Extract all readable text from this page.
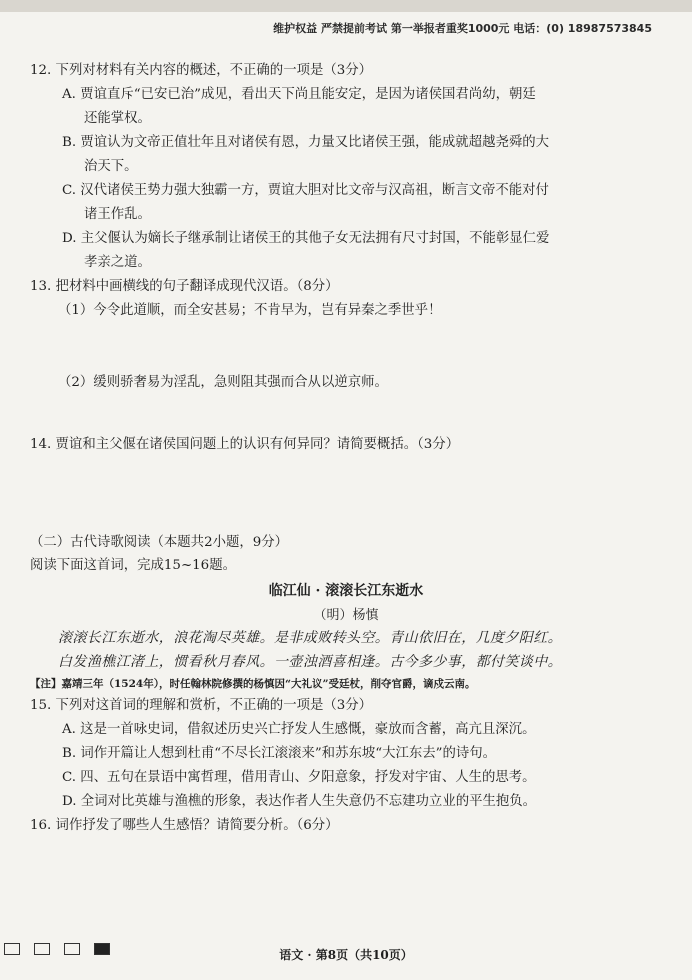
维护权益 严禁提前考试 第一举报者重奖1000元 电话：(0) 18987573845
12. 下列对材料有关内容的概述，不正确的一项是（3分）
A. 贾谊直斥“已安已治”成见，看出天下尚且能安定，是因为诸侯国君尚幼，朝廷
还能掌权。
B. 贾谊认为文帝正值壮年且对诸侯有恩，力量又比诸侯王强，能成就超越尧舜的大
治天下。
C. 汉代诸侯王势力强大独霸一方，贾谊大胆对比文帝与汉高祖，断言文帝不能对付
诸王作乱。
D. 主父偃认为嫡长子继承制让诸侯王的其他子女无法拥有尺寸封国，不能彰显仁爱
孝亲之道。
13. 把材料中画横线的句子翻译成现代汉语。（8分）
（1）今令此道顺，而全安甚易；不肯早为，岂有异秦之季世乎！
（2）缓则骄奢易为淫乱，急则阻其强而合从以逆京师。
14. 贾谊和主父偃在诸侯国问题上的认识有何异同？请简要概括。（3分）
（二）古代诗歌阅读（本题共2小题，9分）
阅读下面这首词，完成15~16题。
临江仙 · 滚滚长江东逝水
（明）杨慎
滚滚长江东逝水，浪花淘尽英雄。是非成败转头空。青山依旧在，几度夕阳红。
白发渔樵江渚上，惯看秋月春风。一壶浊酒喜相逢。古今多少事，都付笑谈中。
【注】嘉靖三年（1524年），时任翰林院修撰的杨慎因“大礼议”受廷杖，削夺官爵，谪戍云南。
15. 下列对这首词的理解和赏析，不正确的一项是（3分）
A. 这是一首咏史词，借叙述历史兴亡抒发人生感慨，豪放而含蓄，高亢且深沉。
B. 词作开篇让人想到杜甫“不尽长江滚滚来”和苏东坡“大江东去”的诗句。
C. 四、五句在景语中寓哲理，借用青山、夕阳意象，抒发对宇宙、人生的思考。
D. 全词对比英雄与渔樵的形象，表达作者人生失意仍不忘建功立业的平生抱负。
16. 词作抒发了哪些人生感悟？请简要分析。（6分）
语文 · 第8页（共10页）
